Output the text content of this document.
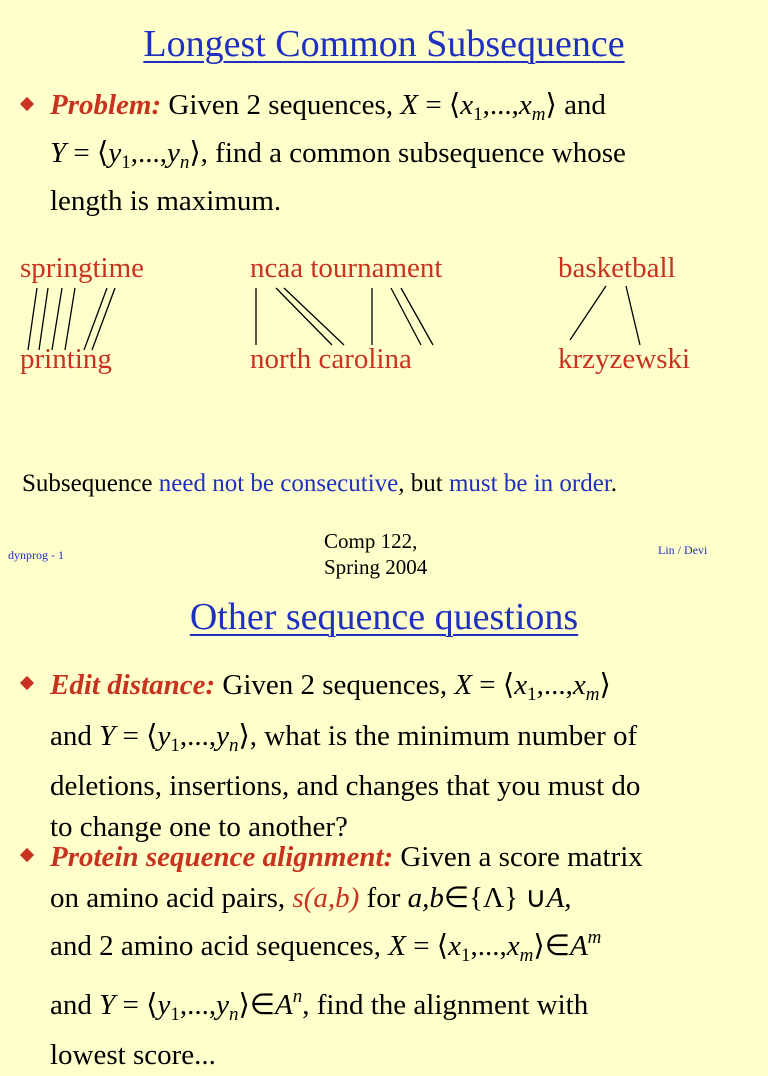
Longest Common Subsequence
Problem: Given 2 sequences, $X = ⟨x_1,...,x_m⟩$ and
$Y = ⟨y_1,...,y_n⟩$, find a common subsequence whose
length is maximum.
springtime	ncaa tournament	basketball
printing	north carolina	krzyzewski
Subsequence need not be consecutive, but must be in order.
dynprog - 1
Comp 122,
Spring 2004
Lin / Devi
Other sequence questions
Edit distance: Given 2 sequences, $X = ⟨x_1,...,x_m⟩$
and $Y = ⟨y_1,...,y_n⟩$, what is the minimum number of
deletions, insertions, and changes that you must do
to change one to another?
Protein sequence alignment: Given a score matrix
on amino acid pairs, s(a,b) for a,b∈{Λ} ∪A,
and 2 amino acid sequences, $X = ⟨x_1,...,x_m⟩\in A^m$
and $Y = ⟨y_1,...,y_n⟩\in A^n$, find the alignment with
lowest score...
